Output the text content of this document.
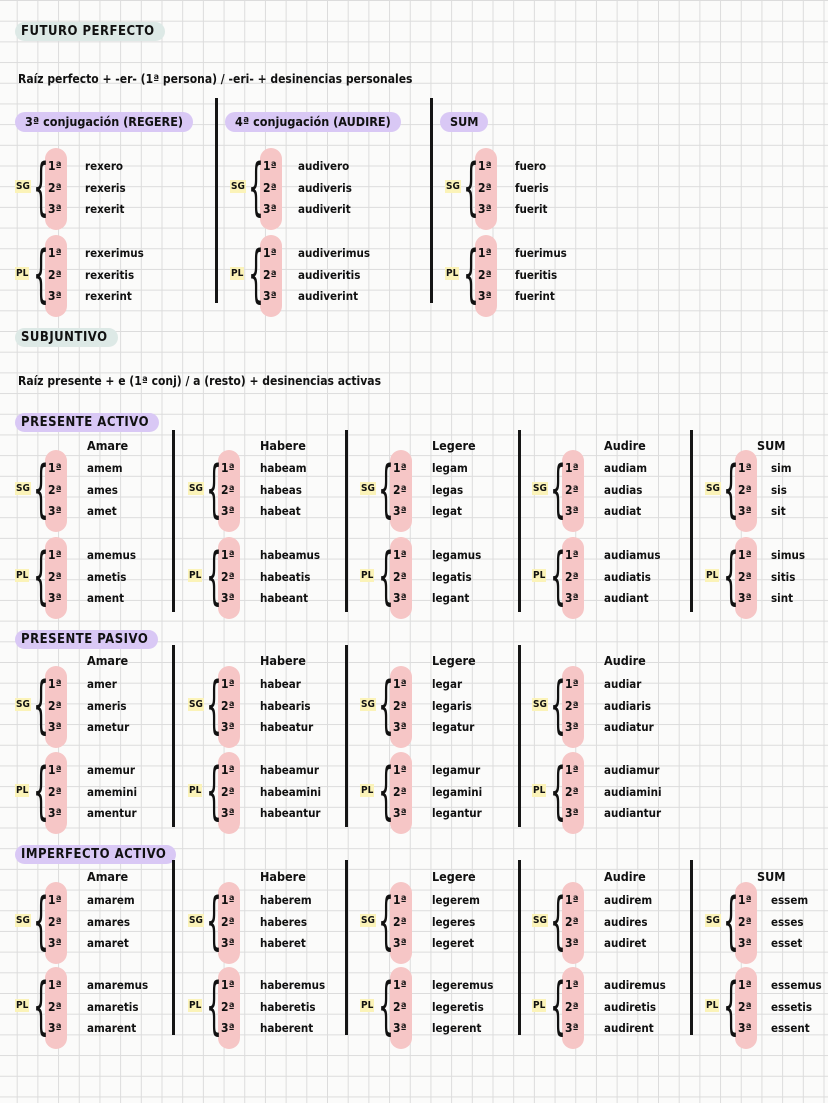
FUTURO PERFECTO
Raíz perfecto + -er- (1ª persona) / -eri- + desinencias personales
SUBJUNTIVO
Raíz presente + e (1ª conj) / a (resto) + desinencias activas
3ª conjugación (REGERE)
SG { 1ª
2ª
3ª
rexero
rexeris
rexerit
PL { 1ª
2ª
3ª
rexerimus
rexeritis
rexerint
4ª conjugación (AUDIRE)
SG { 1ª
2ª
3ª
audivero
audiveris
audiverit
PL { 1ª
2ª
3ª
audiverimus
audiveritis
audiverint
SUM
SG { 1ª
2ª
3ª
fuero
fueris
fuerit
PL { 1ª
2ª
3ª
fuerimus
fueritis
fuerint
PRESENTE ACTIVO
Amare
SG { 1ª
2ª
3ª
amem
ames
amet
PL { 1ª
2ª
3ª
amemus
ametis
ament
Habere
SG { 1ª
2ª
3ª
habeam
habeas
habeat
PL { 1ª
2ª
3ª
habeamus
habeatis
habeant
Legere
SG { 1ª
2ª
3ª
legam
legas
legat
PL { 1ª
2ª
3ª
legamus
legatis
legant
Audire
SG { 1ª
2ª
3ª
audiam
audias
audiat
PL { 1ª
2ª
3ª
audiamus
audiatis
audiant
SUM
SG { 1ª
2ª
3ª
sim
sis
sit
PL { 1ª
2ª
3ª
simus
sitis
sint
PRESENTE PASIVO
Amare
SG { 1ª
2ª
3ª
amer
ameris
ametur
PL { 1ª
2ª
3ª
amemur
amemini
amentur
Habere
SG { 1ª
2ª
3ª
habear
habearis
habeatur
PL { 1ª
2ª
3ª
habeamur
habeamini
habeantur
Legere
SG { 1ª
2ª
3ª
legar
legaris
legatur
PL { 1ª
2ª
3ª
legamur
legamini
legantur
Audire
SG { 1ª
2ª
3ª
audiar
audiaris
audiatur
PL { 1ª
2ª
3ª
audiamur
audiamini
audiantur
IMPERFECTO ACTIVO
Amare
SG { 1ª
2ª
3ª
amarem
amares
amaret
PL { 1ª
2ª
3ª
amaremus
amaretis
amarent
Habere
SG { 1ª
2ª
3ª
haberem
haberes
haberet
PL { 1ª
2ª
3ª
haberemus
haberetis
haberent
Legere
SG { 1ª
2ª
3ª
legerem
legeres
legeret
PL { 1ª
2ª
3ª
legeremus
legeretis
legerent
Audire
SG { 1ª
2ª
3ª
audirem
audires
audiret
PL { 1ª
2ª
3ª
audiremus
audiretis
audirent
SUM
SG { 1ª
2ª
3ª
essem
esses
esset
PL { 1ª
2ª
3ª
essemus
essetis
essent
